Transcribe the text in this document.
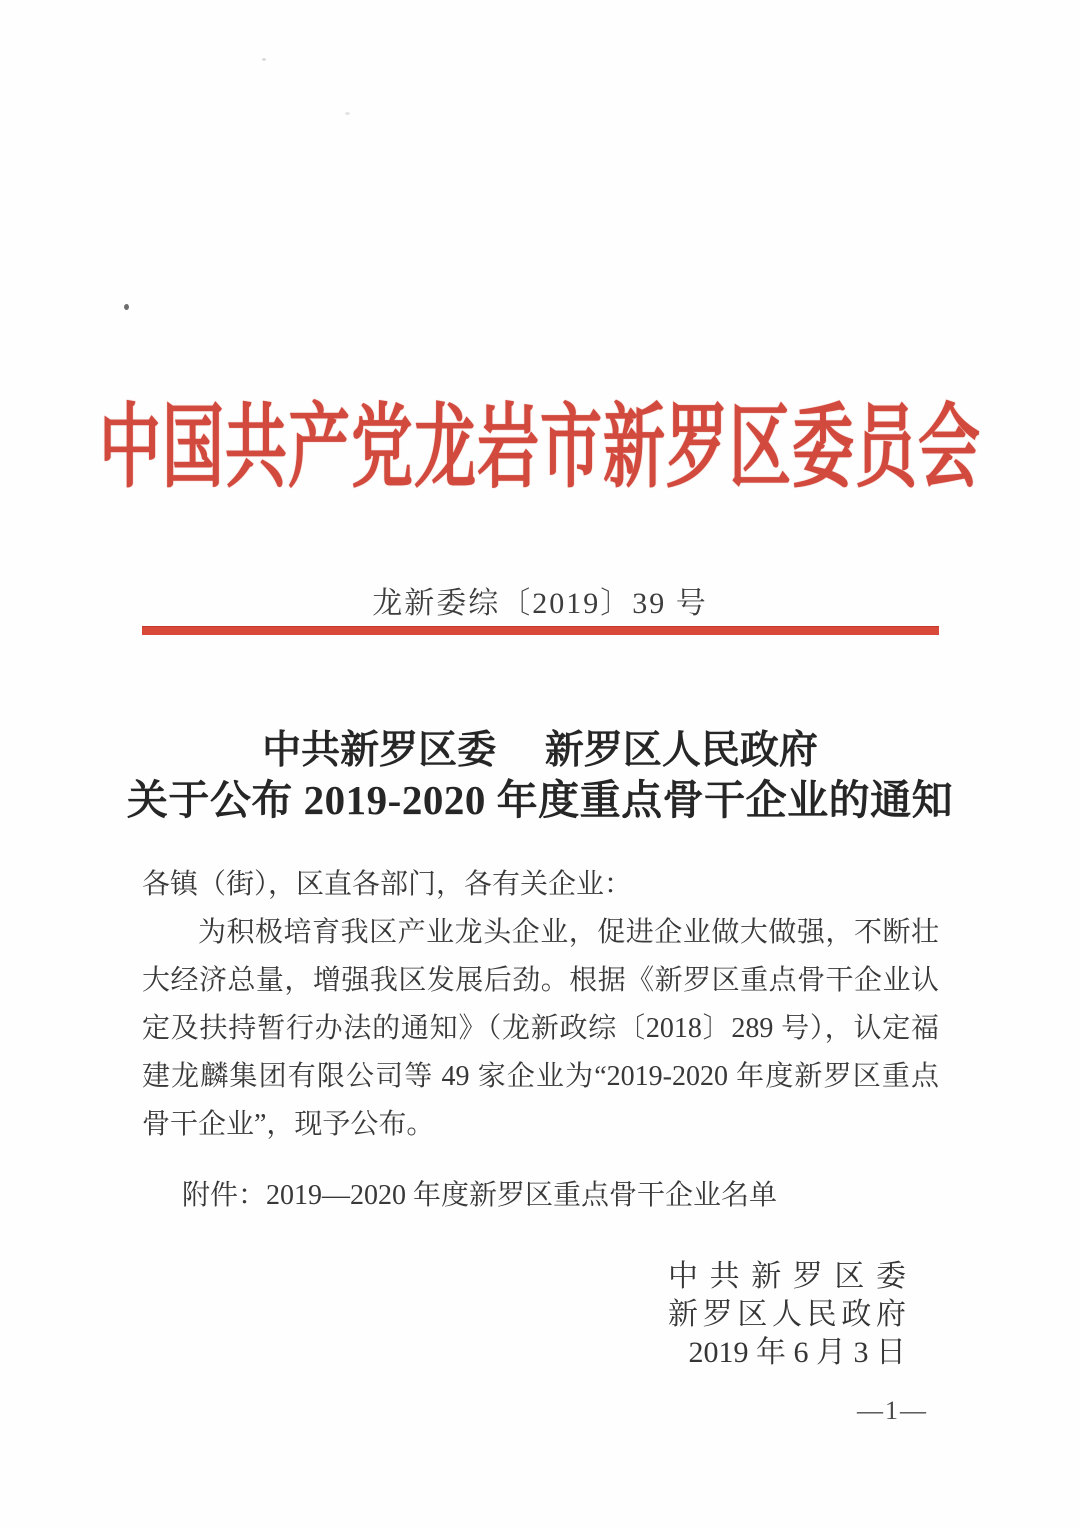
中国共产党龙岩市新罗区委员会
龙新委综〔2019〕39 号
中共新罗区委　 新罗区人民政府
关于公布 2019-2020 年度重点骨干企业的通知
各镇（街），区直各部门，各有关企业：
为积极培育我区产业龙头企业，促进企业做大做强，不断壮
大经济总量，增强我区发展后劲。根据《新罗区重点骨干企业认
定及扶持暂行办法的通知》（龙新政综〔2018〕289 号），认定福
建龙麟集团有限公司等 49 家企业为“2019-2020 年度新罗区重点
骨干企业”，现予公布。
附件：2019—2020 年度新罗区重点骨干企业名单
中共新罗区委
新罗区人民政府
2019 年 6 月 3 日
—1—
